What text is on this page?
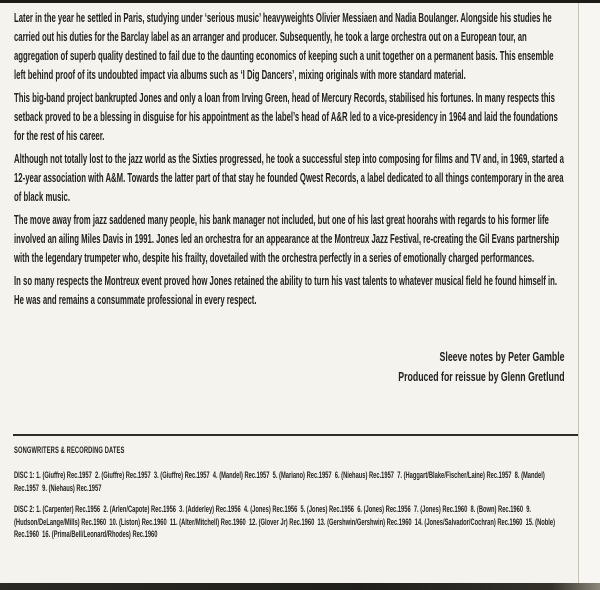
Later in the year he settled in Paris, studying under ‘serious music’ heavyweights Olivier Messiaen and Nadia Boulanger. Alongside his studies he carried out his duties for the Barclay label as an arranger and producer. Subsequently, he took a large orchestra out on a European tour, an aggregation of superb quality destined to fail due to the daunting economics of keeping such a unit together on a permanent basis. This ensemble left behind proof of its undoubted impact via albums such as ‘I Dig Dancers’, mixing originals with more standard material.

This big-band project bankrupted Jones and only a loan from Irving Green, head of Mercury Records, stabilised his fortunes. In many respects this setback proved to be a blessing in disguise for his appointment as the label’s head of A&R led to a vice-presidency in 1964 and laid the foundations for the rest of his career.

Although not totally lost to the jazz world as the Sixties progressed, he took a successful step into composing for films and TV and, in 1969, started a 12-year association with A&M. Towards the latter part of that stay he founded Qwest Records, a label dedicated to all things contemporary in the area of black music.

The move away from jazz saddened many people, his bank manager not included, but one of his last great hoorahs with regards to his former life involved an ailing Miles Davis in 1991. Jones led an orchestra for an appearance at the Montreux Jazz Festival, re-creating the Gil Evans partnership with the legendary trumpeter who, despite his frailty, dovetailed with the orchestra perfectly in a series of emotionally charged performances.

In so many respects the Montreux event proved how Jones retained the ability to turn his vast talents to whatever musical field he found himself in. He was and remains a consummate professional in every respect.

Sleeve notes by Peter Gamble
Produced for reissue by Glenn Gretlund
SONGWRITERS & RECORDING DATES
DISC 1: 1. (Giuffre) Rec.1957  2. (Giuffre) Rec.1957  3. (Giuffre) Rec.1957  4. (Mandel) Rec.1957  5. (Mariano) Rec.1957  6. (Niehaus) Rec.1957  7. (Haggart/Blake/Fischer/Laine) Rec.1957  8. (Mandel) Rec.1957  9. (Niehaus) Rec.1957
DISC 2: 1. (Carpenter) Rec.1956  2. (Arlen/Capote) Rec.1956  3. (Adderley) Rec.1956  4. (Jones) Rec.1956  5. (Jones) Rec.1956  6. (Jones) Rec.1956  7. (Jones) Rec.1960  8. (Bown) Rec.1960  9. (Hudson/DeLange/Mills) Rec.1960  10. (Liston) Rec.1960  11. (Alter/Mitchell) Rec.1960  12. (Glover Jr) Rec.1960  13. (Gershwin/Gershwin) Rec.1960  14. (Jones/Salvador/Cochran) Rec.1960  15. (Noble) Rec.1960  16. (Prima/Bell/Leonard/Rhodes) Rec.1960
